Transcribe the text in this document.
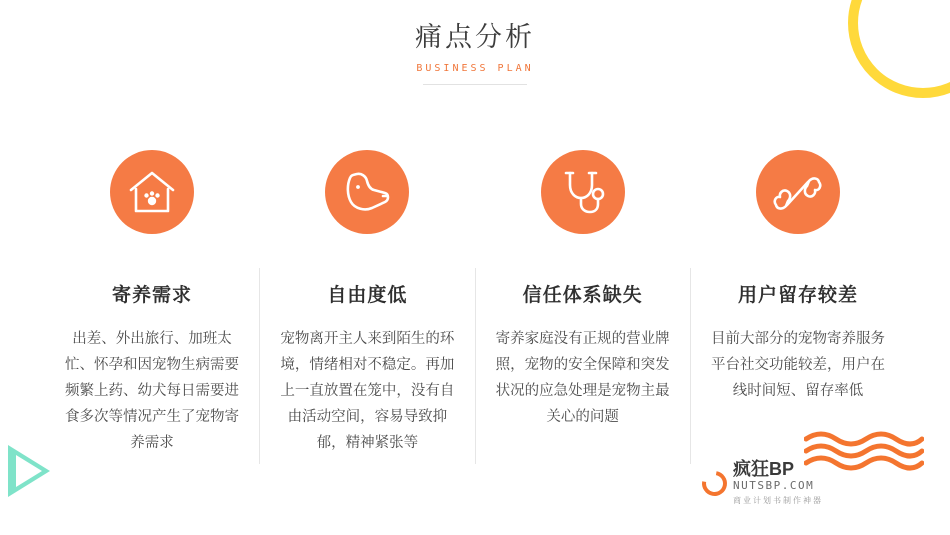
痛点分析
BUSINESS PLAN
寄养需求
出差、外出旅行、加班太忙、怀孕和因宠物生病需要频繁上药、幼犬每日需要进食多次等情况产生了宠物寄养需求
自由度低
宠物离开主人来到陌生的环境，情绪相对不稳定。再加上一直放置在笼中，没有自由活动空间，容易导致抑郁，精神紧张等
信任体系缺失
寄养家庭没有正规的营业牌照，宠物的安全保障和突发状况的应急处理是宠物主最关心的问题
用户留存较差
目前大部分的宠物寄养服务平台社交功能较差，用户在线时间短、留存率低
疯狂BP
NUTSBP.COM
商业计划书制作神器
